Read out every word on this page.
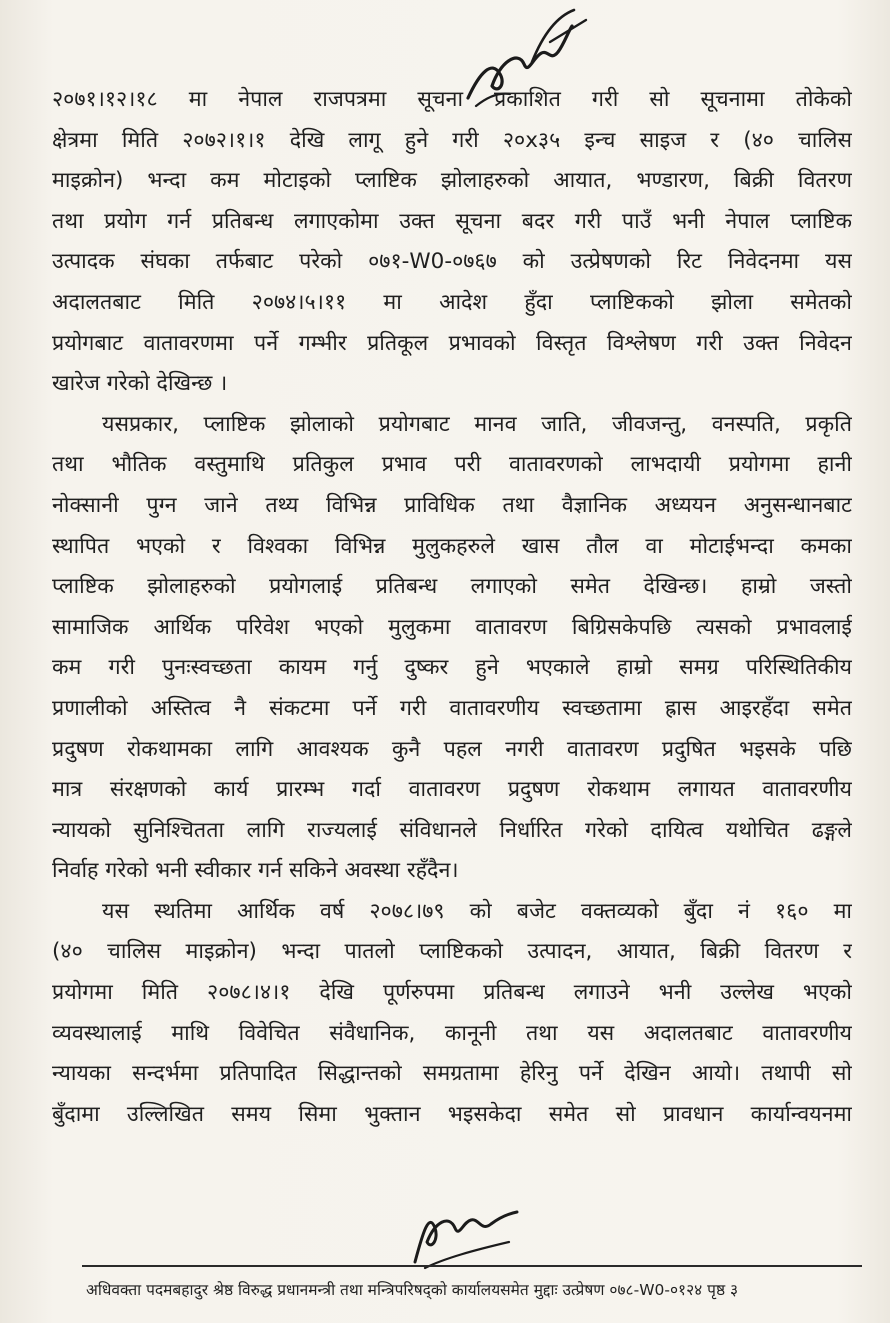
२०७१।१२।१८ मा नेपाल राजपत्रमा सूचना प्रकाशित गरी सो सूचनामा तोकेको
क्षेत्रमा मिति २०७२।१।१ देखि लागू हुने गरी २०x३५ इन्च साइज र (४० चालिस
माइक्रोन) भन्दा कम मोटाइको प्लाष्टिक झोलाहरुको आयात, भण्डारण, बिक्री वितरण
तथा प्रयोग गर्न प्रतिबन्ध लगाएकोमा उक्त सूचना बदर गरी पाउँ भनी नेपाल प्लाष्टिक
उत्पादक संघका तर्फबाट परेको ०७१-W0-०७६७ को उत्प्रेषणको रिट निवेदनमा यस
अदालतबाट मिति २०७४।५।११ मा आदेश हुँदा प्लाष्टिकको झोला समेतको
प्रयोगबाट वातावरणमा पर्ने गम्भीर प्रतिकूल प्रभावको विस्तृत विश्लेषण गरी उक्त निवेदन
खारेज गरेको देखिन्छ ।
यसप्रकार, प्लाष्टिक झोलाको प्रयोगबाट मानव जाति, जीवजन्तु, वनस्पति, प्रकृति
तथा भौतिक वस्तुमाथि प्रतिकुल प्रभाव परी वातावरणको लाभदायी प्रयोगमा हानी
नोक्सानी पुग्न जाने तथ्य विभिन्न प्राविधिक तथा वैज्ञानिक अध्ययन अनुसन्धानबाट
स्थापित भएको र विश्वका विभिन्न मुलुकहरुले खास तौल वा मोटाईभन्दा कमका
प्लाष्टिक झोलाहरुको प्रयोगलाई प्रतिबन्ध लगाएको समेत देखिन्छ। हाम्रो जस्तो
सामाजिक आर्थिक परिवेश भएको मुलुकमा वातावरण बिग्रिसकेपछि त्यसको प्रभावलाई
कम गरी पुनःस्वच्छता कायम गर्नु दुष्कर हुने भएकाले हाम्रो समग्र परिस्थितिकीय
प्रणालीको अस्तित्व नै संकटमा पर्ने गरी वातावरणीय स्वच्छतामा ह्रास आइरहँदा समेत
प्रदुषण रोकथामका लागि आवश्यक कुनै पहल नगरी वातावरण प्रदुषित भइसके पछि
मात्र संरक्षणको कार्य प्रारम्भ गर्दा वातावरण प्रदुषण रोकथाम लगायत वातावरणीय
न्यायको सुनिश्चितता लागि राज्यलाई संविधानले निर्धारित गरेको दायित्व यथोचित ढङ्गले
निर्वाह गरेको भनी स्वीकार गर्न सकिने अवस्था रहँदैन।
यस स्थतिमा आर्थिक वर्ष २०७८।७९ को बजेट वक्तव्यको बुँदा नं १६० मा
(४० चालिस माइक्रोन) भन्दा पातलो प्लाष्टिकको उत्पादन, आयात, बिक्री वितरण र
प्रयोगमा मिति २०७८।४।१ देखि पूर्णरुपमा प्रतिबन्ध लगाउने भनी उल्लेख भएको
व्यवस्थालाई माथि विवेचित संवैधानिक, कानूनी तथा यस अदालतबाट वातावरणीय
न्यायका सन्दर्भमा प्रतिपादित सिद्धान्तको समग्रतामा हेरिनु पर्ने देखिन आयो। तथापी सो
बुँदामा उल्लिखित समय सिमा भुक्तान भइसकेदा समेत सो प्रावधान कार्यान्वयनमा
अधिवक्ता पदमबहादुर श्रेष्ठ विरुद्ध प्रधानमन्त्री तथा मन्त्रिपरिषद्को कार्यालयसमेत मुद्दाः उत्प्रेषण ०७८-W0-०१२४ पृष्ठ ३
